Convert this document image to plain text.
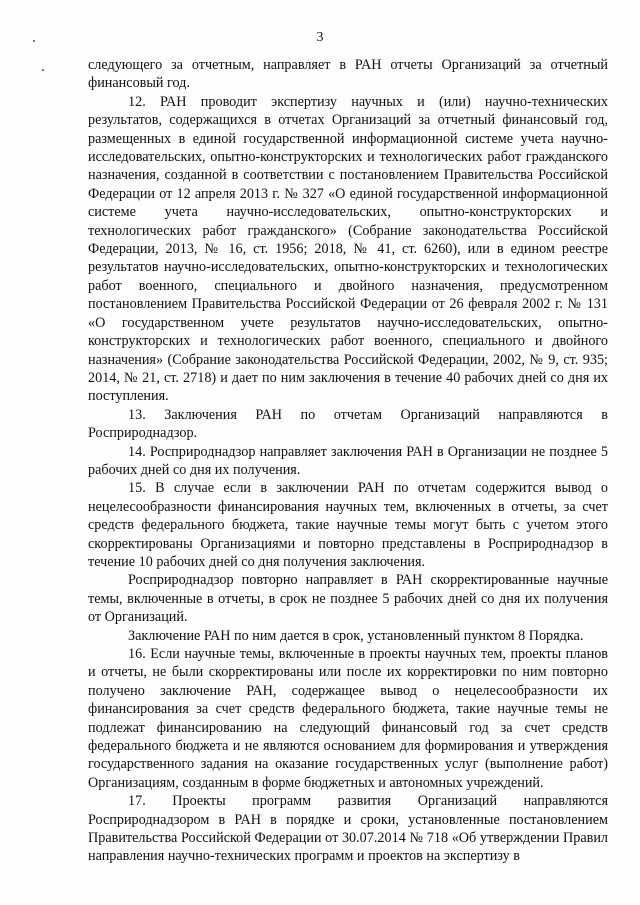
3

следующего за отчетным, направляет в РАН отчеты Организаций за отчетный финансовый год.

12. РАН проводит экспертизу научных и (или) научно-технических результатов, содержащихся в отчетах Организаций за отчетный финансовый год, размещенных в единой государственной информационной системе учета научно-исследовательских, опытно-конструкторских и технологических работ гражданского назначения, созданной в соответствии с постановлением Правительства Российской Федерации от 12 апреля 2013 г. № 327 «О единой государственной информационной системе учета научно-исследовательских, опытно-конструкторских и технологических работ гражданского» (Собрание законодательства Российской Федерации, 2013, № 16, ст. 1956; 2018, № 41, ст. 6260), или в едином реестре результатов научно-исследовательских, опытно-конструкторских и технологических работ военного, специального и двойного назначения, предусмотренном постановлением Правительства Российской Федерации от 26 февраля 2002 г. № 131 «О государственном учете результатов научно-исследовательских, опытно-конструкторских и технологических работ военного, специального и двойного назначения» (Собрание законодательства Российской Федерации, 2002, № 9, ст. 935; 2014, № 21, ст. 2718) и дает по ним заключения в течение 40 рабочих дней со дня их поступления.

13. Заключения РАН по отчетам Организаций направляются в Росприроднадзор.

14. Росприроднадзор направляет заключения РАН в Организации не позднее 5 рабочих дней со дня их получения.

15. В случае если в заключении РАН по отчетам содержится вывод о нецелесообразности финансирования научных тем, включенных в отчеты, за счет средств федерального бюджета, такие научные темы могут быть с учетом этого скорректированы Организациями и повторно представлены в Росприроднадзор в течение 10 рабочих дней со дня получения заключения.

Росприроднадзор повторно направляет в РАН скорректированные научные темы, включенные в отчеты, в срок не позднее 5 рабочих дней со дня их получения от Организаций.

Заключение РАН по ним дается в срок, установленный пунктом 8 Порядка.

16. Если научные темы, включенные в проекты научных тем, проекты планов и отчеты, не были скорректированы или после их корректировки по ним повторно получено заключение РАН, содержащее вывод о нецелесообразности их финансирования за счет средств федерального бюджета, такие научные темы не подлежат финансированию на следующий финансовый год за счет средств федерального бюджета и не являются основанием для формирования и утверждения государственного задания на оказание государственных услуг (выполнение работ) Организациям, созданным в форме бюджетных и автономных учреждений.

17. Проекты программ развития Организаций направляются Росприроднадзором в РАН в порядке и сроки, установленные постановлением Правительства Российской Федерации от 30.07.2014 № 718 «Об утверждении Правил направления научно-технических программ и проектов на экспертизу в
